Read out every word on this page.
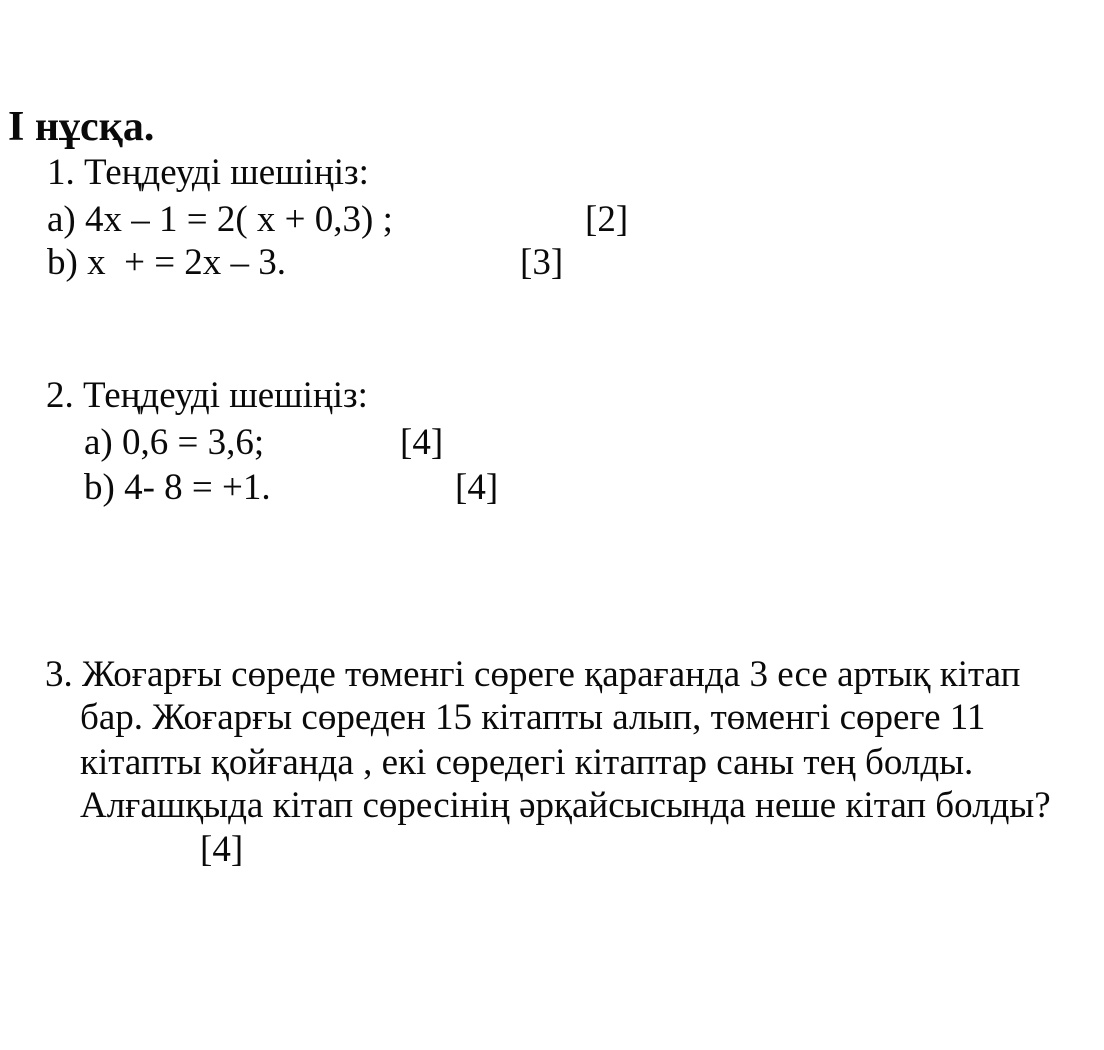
І нұсқа.
1. Теңдеуді шешіңіз:
a) 4x – 1 = 2( x + 0,3) ;	[2]
b) x  + = 2x – 3.	[3]
2. Теңдеуді шешіңіз:
a) 0,6 = 3,6;	[4]
b) 4- 8 = +1.	[4]
3. Жоғарғы сөреде төменгі сөреге қарағанда 3 есе артық кітап
бар. Жоғарғы сөреден 15 кітапты алып, төменгі сөреге 11
кітапты қойғанда , екі сөредегі кітаптар саны тең болды.
Алғашқыда кітап сөресінің әрқайсысында неше кітап болды?
[4]
